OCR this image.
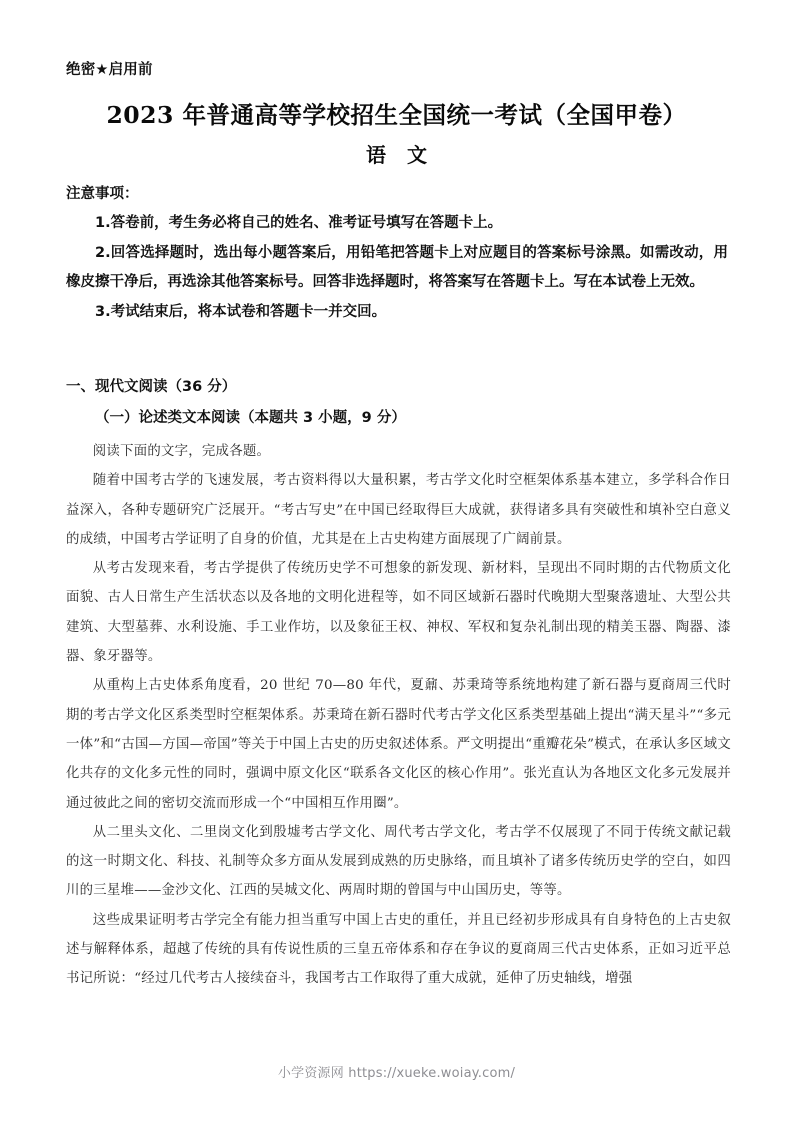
绝密★启用前
2023 年普通高等学校招生全国统一考试（全国甲卷）
语 文
注意事项：

1.答卷前，考生务必将自己的姓名、准考证号填写在答题卡上。

2.回答选择题时，选出每小题答案后，用铅笔把答题卡上对应题目的答案标号涂黑。如需改动，用橡皮擦干净后，再选涂其他答案标号。回答非选择题时，将答案写在答题卡上。写在本试卷上无效。

3.考试结束后，将本试卷和答题卡一并交回。

一、现代文阅读（36 分）
（一）论述类文本阅读（本题共 3 小题，9 分）

阅读下面的文字，完成各题。

随着中国考古学的飞速发展，考古资料得以大量积累，考古学文化时空框架体系基本建立，多学科合作日益深入，各种专题研究广泛展开。“考古写史”在中国已经取得巨大成就，获得诸多具有突破性和填补空白意义的成绩，中国考古学证明了自身的价值，尤其是在上古史构建方面展现了广阔前景。

从考古发现来看，考古学提供了传统历史学不可想象的新发现、新材料，呈现出不同时期的古代物质文化面貌、古人日常生产生活状态以及各地的文明化进程等，如不同区域新石器时代晚期大型聚落遗址、大型公共建筑、大型墓葬、水利设施、手工业作坊，以及象征王权、神权、军权和复杂礼制出现的精美玉器、陶器、漆器、象牙器等。

从重构上古史体系角度看，20 世纪 70—80 年代，夏鼐、苏秉琦等系统地构建了新石器与夏商周三代时期的考古学文化区系类型时空框架体系。苏秉琦在新石器时代考古学文化区系类型基础上提出“满天星斗”“多元一体”和“古国—方国—帝国”等关于中国上古史的历史叙述体系。严文明提出“重瓣花朵”模式，在承认多区域文化共存的文化多元性的同时，强调中原文化区“联系各文化区的核心作用”。张光直认为各地区文化多元发展并通过彼此之间的密切交流而形成一个“中国相互作用圈”。

从二里头文化、二里岗文化到殷墟考古学文化、周代考古学文化，考古学不仅展现了不同于传统文献记载的这一时期文化、科技、礼制等众多方面从发展到成熟的历史脉络，而且填补了诸多传统历史学的空白，如四川的三星堆——金沙文化、江西的吴城文化、两周时期的曾国与中山国历史，等等。

这些成果证明考古学完全有能力担当重写中国上古史的重任，并且已经初步形成具有自身特色的上古史叙述与解释体系，超越了传统的具有传说性质的三皇五帝体系和存在争议的夏商周三代古史体系，正如习近平总书记所说：“经过几代考古人接续奋斗，我国考古工作取得了重大成就，延伸了历史轴线，增强

小学资源网 https://xueke.woiay.com/
